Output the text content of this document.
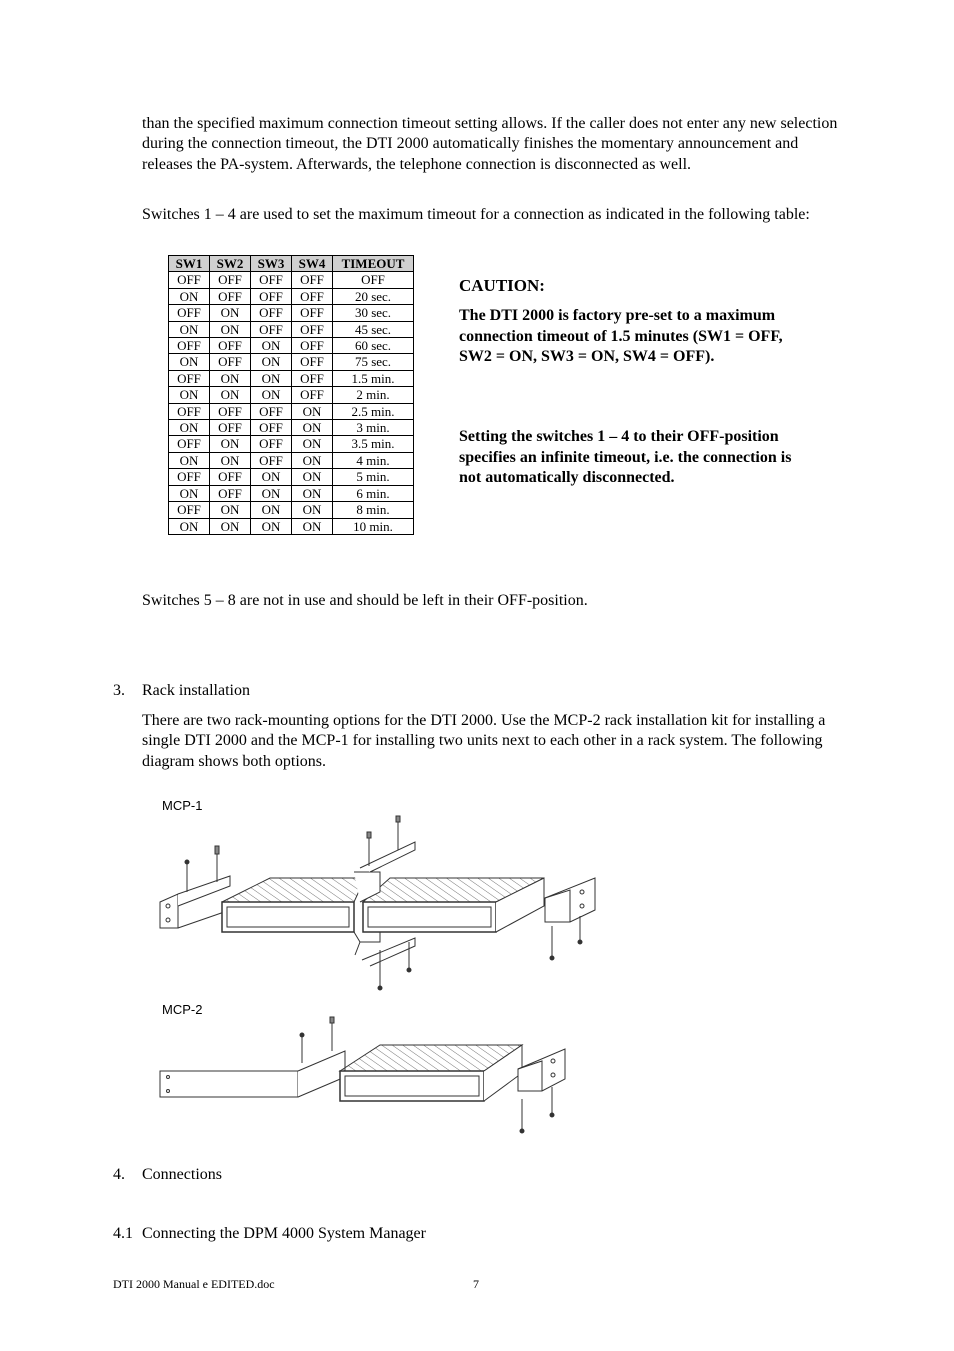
than the specified maximum connection timeout setting allows. If the caller does not enter any new selection during the connection timeout, the DTI 2000 automatically finishes the momentary announcement and releases the PA-system. Afterwards, the telephone connection is disconnected as well.

Switches 1 – 4 are used to set the maximum timeout for a connection as indicated in the following table:

SW1	SW2	SW3	SW4	TIMEOUT
OFF	OFF	OFF	OFF	OFF
ON	OFF	OFF	OFF	20 sec.
OFF	ON	OFF	OFF	30 sec.
ON	ON	OFF	OFF	45 sec.
OFF	OFF	ON	OFF	60 sec.
ON	OFF	ON	OFF	75 sec.
OFF	ON	ON	OFF	1.5 min.
ON	ON	ON	OFF	2 min.
OFF	OFF	OFF	ON	2.5 min.
ON	OFF	OFF	ON	3 min.
OFF	ON	OFF	ON	3.5 min.
ON	ON	OFF	ON	4 min.
OFF	OFF	ON	ON	5 min.
ON	OFF	ON	ON	6 min.
OFF	ON	ON	ON	8 min.
ON	ON	ON	ON	10 min.

CAUTION:

The DTI 2000 is factory pre-set to a maximum connection timeout of 1.5 minutes (SW1 = OFF, SW2 = ON, SW3 = ON, SW4 = OFF).

Setting the switches 1 – 4 to their OFF-position specifies an infinite timeout, i.e. the connection is not automatically disconnected.

Switches 5 – 8 are not in use and should be left in their OFF-position.

3. Rack installation

There are two rack-mounting options for the DTI 2000. Use the MCP-2 rack installation kit for installing a single DTI 2000 and the MCP-1 for installing two units next to each other in a rack system. The following diagram shows both options.

MCP-1
MCP-2

4. Connections

4.1 Connecting the DPM 4000 System Manager

DTI 2000 Manual e EDITED.doc	7
